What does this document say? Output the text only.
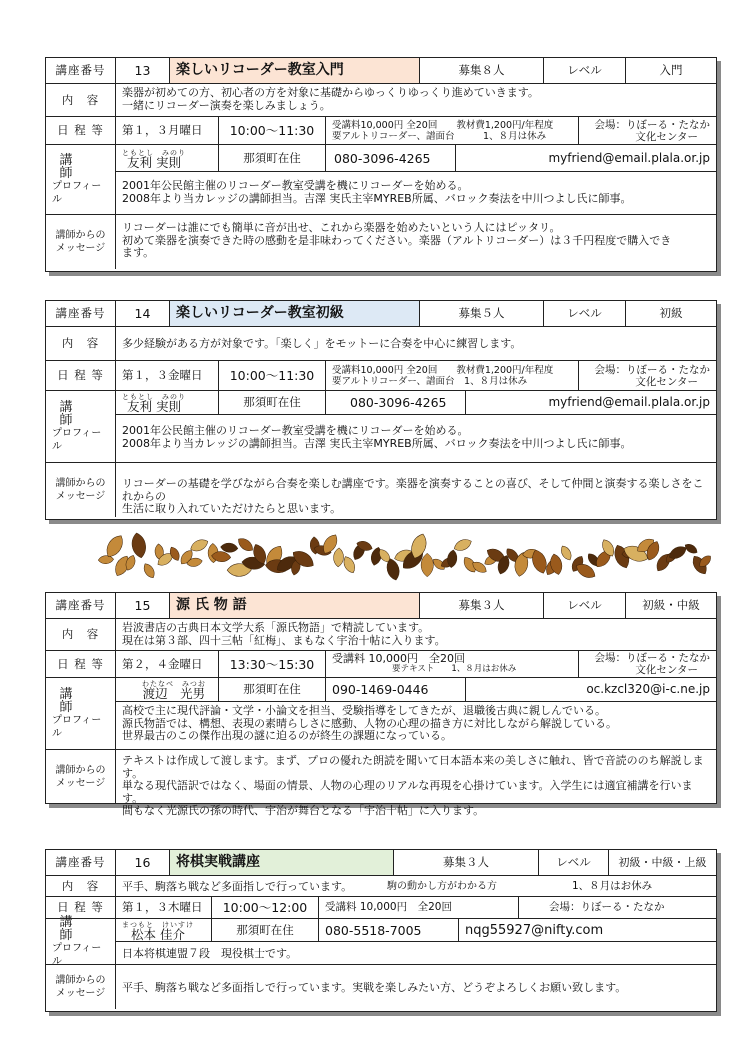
講座番号	13	楽しいリコーダー教室入門	募集８人	レベル	入門
内　容	楽器が初めての方、初心者の方を対象に基礎からゆっくりゆっくり進めていきます。
一緒にリコーダー演奏を楽しみましょう。
日 程 等	第１，３月曜日	10:00～11:30	受講料10,000円 全20回　　教材費1,200円/年程度
要アルトリコーダー、譜面台　　　1、８月は休み
会場：りぼーる・たなか
文化センター
講　師
プロフィール
ともとし　みのり
友利 実則	那須町在住	080-3096-4265	myfriend@email.plala.or.jp
2001年公民館主催のリコーダー教室受講を機にリコーダーを始める。
2008年より当カレッジの講師担当。吉澤 実氏主宰MYREB所属、バロック奏法を中川つよし氏に師事。
講師からの
メッセージ
リコーダーは誰にでも簡単に音が出せ、これから楽器を始めたいという人にはピッタリ。
初めて楽器を演奏できた時の感動を是非味わってください。楽器（アルトリコーダー）は３千円程度で購入でき
ます。
講座番号	14	楽しいリコーダー教室初級	募集５人	レベル	初級
内　容	多少経験がある方が対象です。「楽しく」をモットーに合奏を中心に練習します。
日 程 等	第１，３金曜日	10:00～11:30	受講料10,000円 全20回　　教材費1,200円/年程度
要アルトリコーダー、譜面台　1、８月は休み
会場：りぼーる・たなか
文化センター
講　師
プロフィール
ともとし　みのり
友利 実則	那須町在住	080-3096-4265	myfriend@email.plala.or.jp
2001年公民館主催のリコーダー教室受講を機にリコーダーを始める。
2008年より当カレッジの講師担当。吉澤 実氏主宰MYREB所属、バロック奏法を中川つよし氏に師事。
講師からの
メッセージ
リコーダーの基礎を学びながら合奏を楽しむ講座です。楽器を演奏することの喜び、そして仲間と演奏する楽しさをこれからの
生活に取り入れていただけたらと思います。
講座番号	15	源 氏 物 語	募集３人	レベル	初級・中級
内　容	岩波書店の古典日本文学大系「源氏物語」で精読しています。
現在は第３部、四十三帖「紅梅」、まもなく宇治十帖に入ります。
日 程 等	第２，４金曜日	13:30～15:30	受講料 10,000円　全20回
要テキスト　　1、８月はお休み
会場：りぼーる・たなか
文化センター
講　師
プロフィール
わたなべ　みつお
渡辺　光男	那須町在住	090-1469-0446	oc.kzcl320@i-c.ne.jp
高校で主に現代評論・文学・小論文を担当、受験指導をしてきたが、退職後古典に親しんでいる。
源氏物語では、構想、表現の素晴らしさに感動、人物の心理の描き方に対比しながら解説している。
世界最古のこの傑作出現の謎に迫るのが終生の課題になっている。
講師からの
メッセージ
テキストは作成して渡します。まず、プロの優れた朗読を聞いて日本語本来の美しさに触れ、皆で音読ののち解説します。
単なる現代語訳ではなく、場面の情景、人物の心理のリアルな再現を心掛けています。入学生には適宜補講を行います。
間もなく光源氏の孫の時代、宇治が舞台となる「宇治十帖」に入ります。
講座番号	16	将棋実戦講座	募集３人	レベル	初級・中級・上級
内　容	平手、駒落ち戦など多面指しで行っています。	駒の動かし方がわかる方	1、８月はお休み
日 程 等	第１，３木曜日	10:00～12:00	受講料 10,000円　全20回	会場：りぼーる・たなか
講　師
プロフィール
まつもと　けいすけ
松本 佳介	那須町在住	080-5518-7005	nqg55927@nifty.com
日本将棋連盟７段　現役棋士です。
講師からの
メッセージ	平手、駒落ち戦など多面指しで行っています。実戦を楽しみたい方、どうぞよろしくお願い致します。
